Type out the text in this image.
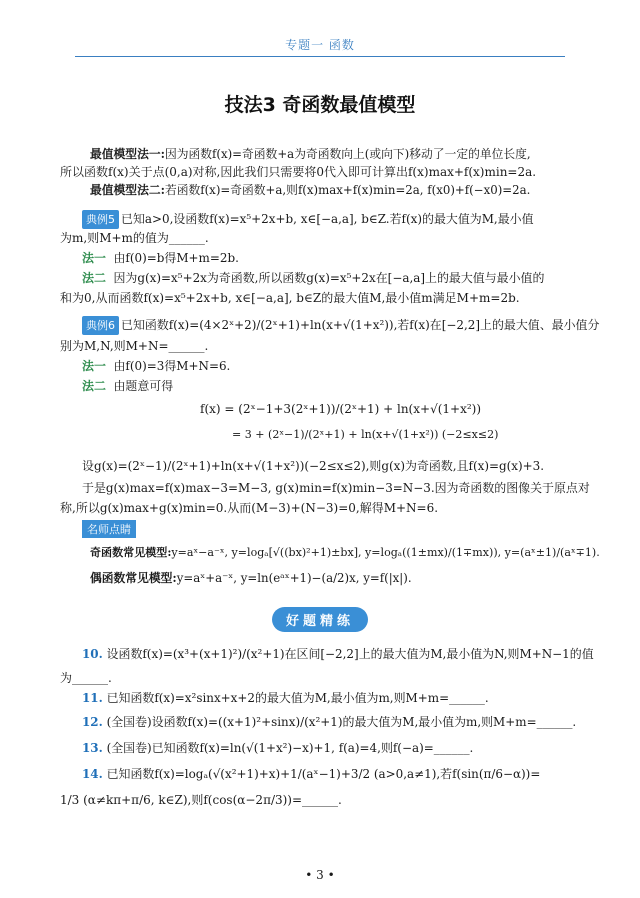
专题一 函数
技法3 奇函数最值模型
最值模型法一:因为函数f(x)=奇函数+a为奇函数向上(或向下)移动了一定的单位长度,
所以函数f(x)关于点(0,a)对称,因此我们只需要将0代入即可计算出f(x)max+f(x)min=2a.
最值模型法二:若函数f(x)=奇函数+a,则f(x)max+f(x)min=2a, f(x0)+f(−x0)=2a.
典例5 已知a>0,设函数f(x)=x⁵+2x+b, x∈[−a,a], b∈Z.若f(x)的最大值为M,最小值
为m,则M+m的值为______.
法一 由f(0)=b得M+m=2b.
法二 因为g(x)=x⁵+2x为奇函数,所以函数g(x)=x⁵+2x在[−a,a]上的最大值与最小值的
和为0,从而函数f(x)=x⁵+2x+b, x∈[−a,a], b∈Z的最大值M,最小值m满足M+m=2b.
典例6 已知函数f(x)=(4×2ˣ+2)/(2ˣ+1)+ln(x+√(1+x²)),若f(x)在[−2,2]上的最大值、最小值分
别为M,N,则M+N=______.
法一 由f(0)=3得M+N=6.
法二 由题意可得
f(x) = (2ˣ−1+3(2ˣ+1))/(2ˣ+1) + ln(x+√(1+x²))
= 3 + (2ˣ−1)/(2ˣ+1) + ln(x+√(1+x²)) (−2≤x≤2)
设g(x)=(2ˣ−1)/(2ˣ+1)+ln(x+√(1+x²))(−2≤x≤2),则g(x)为奇函数,且f(x)=g(x)+3.
于是g(x)max=f(x)max−3=M−3, g(x)min=f(x)min−3=N−3.因为奇函数的图像关于原点对
称,所以g(x)max+g(x)min=0.从而(M−3)+(N−3)=0,解得M+N=6.
名师点睛
奇函数常见模型:y=aˣ−a⁻ˣ, y=logₐ[√((bx)²+1)±bx], y=logₐ((1±mx)/(1∓mx)), y=(aˣ±1)/(aˣ∓1).
偶函数常见模型:y=aˣ+a⁻ˣ, y=ln(eᵃˣ+1)−(a/2)x, y=f(|x|).
好题精练
10. 设函数f(x)=(x³+(x+1)²)/(x²+1)在区间[−2,2]上的最大值为M,最小值为N,则M+N−1的值
为______.
11. 已知函数f(x)=x²sinx+x+2的最大值为M,最小值为m,则M+m=______.
12. (全国卷)设函数f(x)=((x+1)²+sinx)/(x²+1)的最大值为M,最小值为m,则M+m=______.
13. (全国卷)已知函数f(x)=ln(√(1+x²)−x)+1, f(a)=4,则f(−a)=______.
14. 已知函数f(x)=logₐ(√(x²+1)+x)+1/(aˣ−1)+3/2 (a>0,a≠1),若f(sin(π/6−α))=
1/3 (α≠kπ+π/6, k∈Z),则f(cos(α−2π/3))=______.
• 3 •
